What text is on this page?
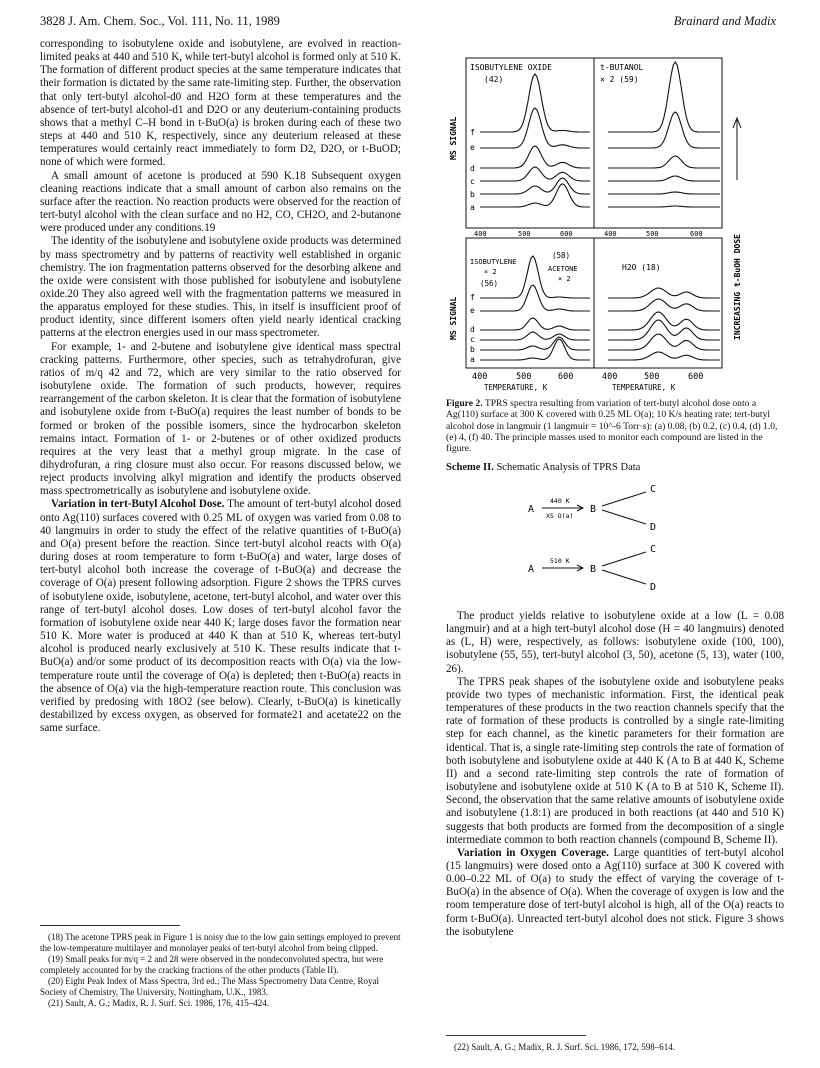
3828 J. Am. Chem. Soc., Vol. 111, No. 11, 1989	Brainard and Madix

corresponding to isobutylene oxide and isobutylene, are evolved in reaction-limited peaks at 440 and 510 K, while tert-butyl alcohol is formed only at 510 K. The formation of different product species at the same temperature indicates that their formation is dictated by the same rate-limiting step. Further, the observation that only tert-butyl alcohol-d0 and H2O form at these temperatures and the absence of tert-butyl alcohol-d1 and D2O or any deuterium-containing products shows that a methyl C–H bond in t-BuO(a) is broken during each of these two steps at 440 and 510 K, respectively, since any deuterium released at these temperatures would certainly react immediately to form D2, D2O, or t-BuOD; none of which were formed.

A small amount of acetone is produced at 590 K.18 Subsequent oxygen cleaning reactions indicate that a small amount of carbon also remains on the surface after the reaction. No reaction products were observed for the reaction of tert-butyl alcohol with the clean surface and no H2, CO, CH2O, and 2-butanone were produced under any conditions.19

The identity of the isobutylene and isobutylene oxide products was determined by mass spectrometry and by patterns of reactivity well established in organic chemistry. The ion fragmentation patterns observed for the desorbing alkene and the oxide were consistent with those published for isobutylene and isobutylene oxide.20 They also agreed well with the fragmentation patterns we measured in the apparatus employed for these studies. This, in itself is insufficient proof of product identity, since different isomers often yield nearly identical cracking patterns at the electron energies used in our mass spectrometer.

For example, 1- and 2-butene and isobutylene give identical mass spectral cracking patterns. Furthermore, other species, such as tetrahydrofuran, give ratios of m/q 42 and 72, which are very similar to the ratio observed for isobutylene oxide. The formation of such products, however, requires rearrangement of the carbon skeleton. It is clear that the formation of isobutylene and isobutylene oxide from t-BuO(a) requires the least number of bonds to be formed or broken of the possible isomers, since the hydrocarbon skeleton remains intact. Formation of 1- or 2-butenes or of other oxidized products requires at the very least that a methyl group migrate. In the case of dihydrofuran, a ring closure must also occur. For reasons discussed below, we reject products involving alkyl migration and identify the products observed mass spectrometrically as isobutylene and isobutylene oxide.

Variation in tert-Butyl Alcohol Dose. The amount of tert-butyl alcohol dosed onto Ag(110) surfaces covered with 0.25 ML of oxygen was varied from 0.08 to 40 langmuirs in order to study the effect of the relative quantities of t-BuO(a) and O(a) present before the reaction. Since tert-butyl alcohol reacts with O(a) during doses at room temperature to form t-BuO(a) and water, large doses of tert-butyl alcohol both increase the coverage of t-BuO(a) and decrease the coverage of O(a) present following adsorption. Figure 2 shows the TPRS curves of isobutylene oxide, isobutylene, acetone, tert-butyl alcohol, and water over this range of tert-butyl alcohol doses. Low doses of tert-butyl alcohol favor the formation of isobutylene oxide near 440 K; large doses favor the formation near 510 K. More water is produced at 440 K than at 510 K, whereas tert-butyl alcohol is produced nearly exclusively at 510 K. These results indicate that t-BuO(a) and/or some product of its decomposition reacts with O(a) via the low-temperature route until the coverage of O(a) is depleted; then t-BuO(a) reacts in the absence of O(a) via the high-temperature reaction route. This conclusion was verified by predosing with 18O2 (see below). Clearly, t-BuO(a) is kinetically destabilized by excess oxygen, as observed for formate21 and acetate22 on the same surface.

(18) The acetone TPRS peak in Figure 1 is noisy due to the low gain settings employed to prevent the low-temperature multilayer and monolayer peaks of tert-butyl alcohol from being clipped.

(19) Small peaks for m/q = 2 and 28 were observed in the nondeconvoluted spectra, but were completely accounted for by the cracking fractions of the other products (Table II).

(20) Eight Peak Index of Mass Spectra, 3rd ed.; The Mass Spectrometry Data Centre, Royal Society of Chemistry, The University, Nottingham, U.K., 1983.

(21) Sault, A. G.; Madix, R. J. Surf. Sci. 1986, 176, 415–424.

ISOBUTYLENE OXIDE
(42)
t-BUTANOL
× 2 (59)
ISOBUTYLENE
× 2
(56)
(58)
ACETONE
× 2
H2O (18)
MS SIGNAL
MS SIGNAL	INCREASING t-BuOH DOSE
f
e
d
c
b
a
f
e
d
c
b
a
400	500	600	400	500	600
400	500	600	400	500	600
TEMPERATURE, K	TEMPERATURE, K
Figure 2. TPRS spectra resulting from variation of tert-butyl alcohol dose onto a Ag(110) surface at 300 K covered with 0.25 ML O(a); 10 K/s heating rate; tert-butyl alcohol dose in langmuir (1 langmuir = 10^-6 Torr·s): (a) 0.08, (b) 0.2, (c) 0.4, (d) 1.0, (e) 4, (f) 40. The principle masses used to monitor each compound are listed in the figure.
Scheme II. Schematic Analysis of TPRS Data
A	B
C
D
A	B
C
D
440 K
XS O(a)
510 K

The product yields relative to isobutylene oxide at a low (L = 0.08 langmuir) and at a high tert-butyl alcohol dose (H = 40 langmuirs) denoted as (L, H) were, respectively, as follows: isobutylene oxide (100, 100), isobutylene (55, 55), tert-butyl alcohol (3, 50), acetone (5, 13), water (100, 26).

The TPRS peak shapes of the isobutylene oxide and isobutylene peaks provide two types of mechanistic information. First, the identical peak temperatures of these products in the two reaction channels specify that the rate of formation of these products is controlled by a single rate-limiting step for each channel, as the kinetic parameters for their formation are identical. That is, a single rate-limiting step controls the rate of formation of both isobutylene and isobutylene oxide at 440 K (A to B at 440 K, Scheme II) and a second rate-limiting step controls the rate of formation of isobutylene and isobutylene oxide at 510 K (A to B at 510 K, Scheme II). Second, the observation that the same relative amounts of isobutylene oxide and isobutylene (1.8:1) are produced in both reactions (at 440 and 510 K) suggests that both products are formed from the decomposition of a single intermediate common to both reaction channels (compound B, Scheme II).

Variation in Oxygen Coverage. Large quantities of tert-butyl alcohol (15 langmuirs) were dosed onto a Ag(110) surface at 300 K covered with 0.00–0.22 ML of O(a) to study the effect of varying the coverage of t-BuO(a) in the absence of O(a). When the coverage of oxygen is low and the room temperature dose of tert-butyl alcohol is high, all of the O(a) reacts to form t-BuO(a). Unreacted tert-butyl alcohol does not stick. Figure 3 shows the isobutylene

(22) Sault, A. G.; Madix, R. J. Surf. Sci. 1986, 172, 598–614.
